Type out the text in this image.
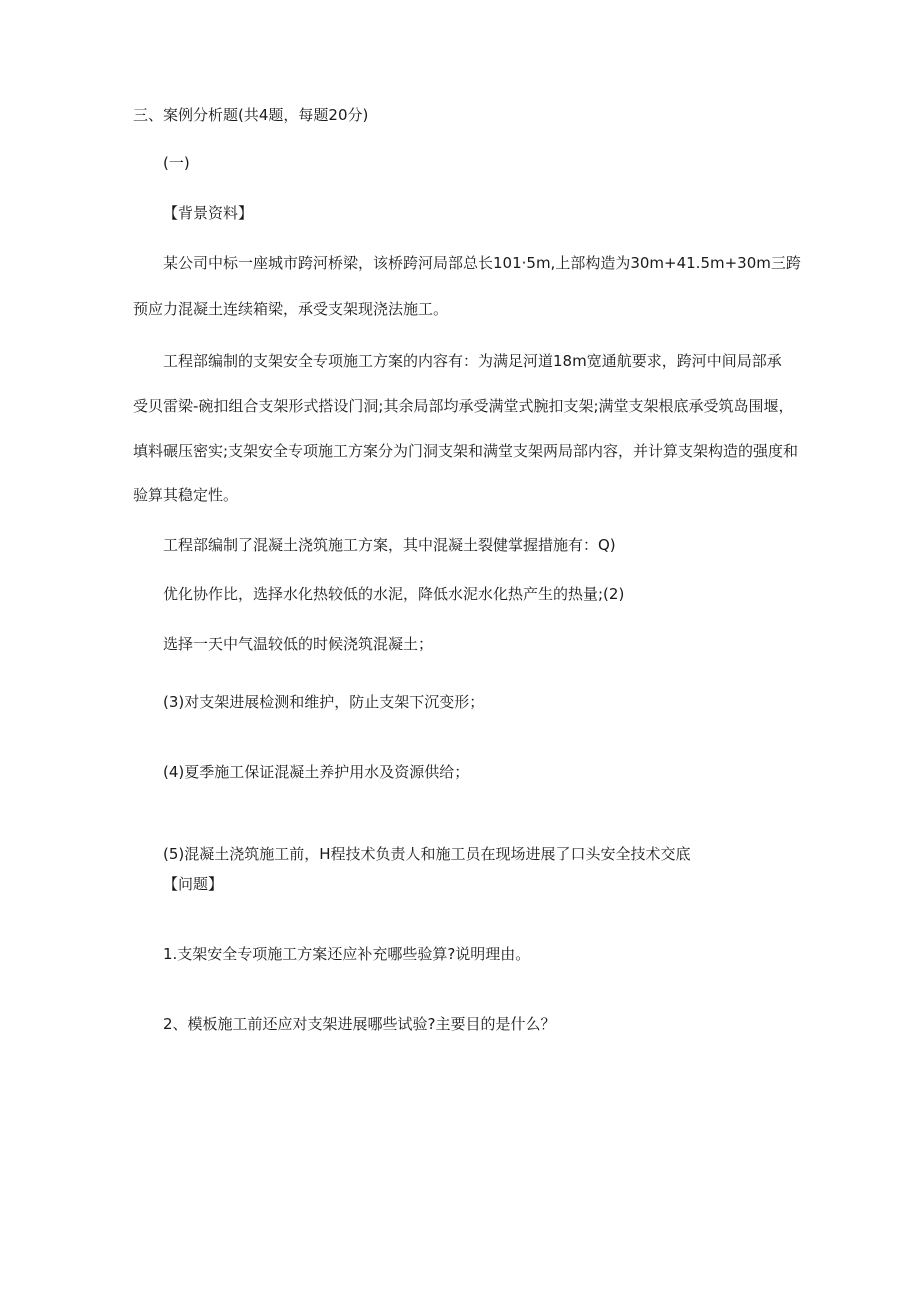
三、案例分析题(共4题，每题20分)
(一)
【背景资料】
某公司中标一座城市跨河桥梁，该桥跨河局部总长101·5m,上部构造为30m+41.5m+30m三跨
预应力混凝土连续箱梁，承受支架现浇法施工。
工程部编制的支架安全专项施工方案的内容有：为满足河道18m宽通航要求，跨河中间局部承
受贝雷梁-碗扣组合支架形式搭设门洞;其余局部均承受满堂式腕扣支架;满堂支架根底承受筑岛围堰，
填料碾压密实;支架安全专项施工方案分为门洞支架和满堂支架两局部内容，并计算支架构造的强度和
验算其稳定性。
工程部编制了混凝土浇筑施工方案，其中混凝土裂健掌握措施有：Q)
优化协作比，选择水化热较低的水泥，降低水泥水化热产生的热量;(2)
选择一天中气温较低的时候浇筑混凝土；
(3)对支架进展检测和维护，防止支架下沉变形；
(4)夏季施工保证混凝土养护用水及资源供给；
(5)混凝土浇筑施工前，H程技术负责人和施工员在现场进展了口头安全技术交底
【问题】
1.支架安全专项施工方案还应补充哪些验算?说明理由。
2、模板施工前还应对支架进展哪些试验?主要目的是什么？
